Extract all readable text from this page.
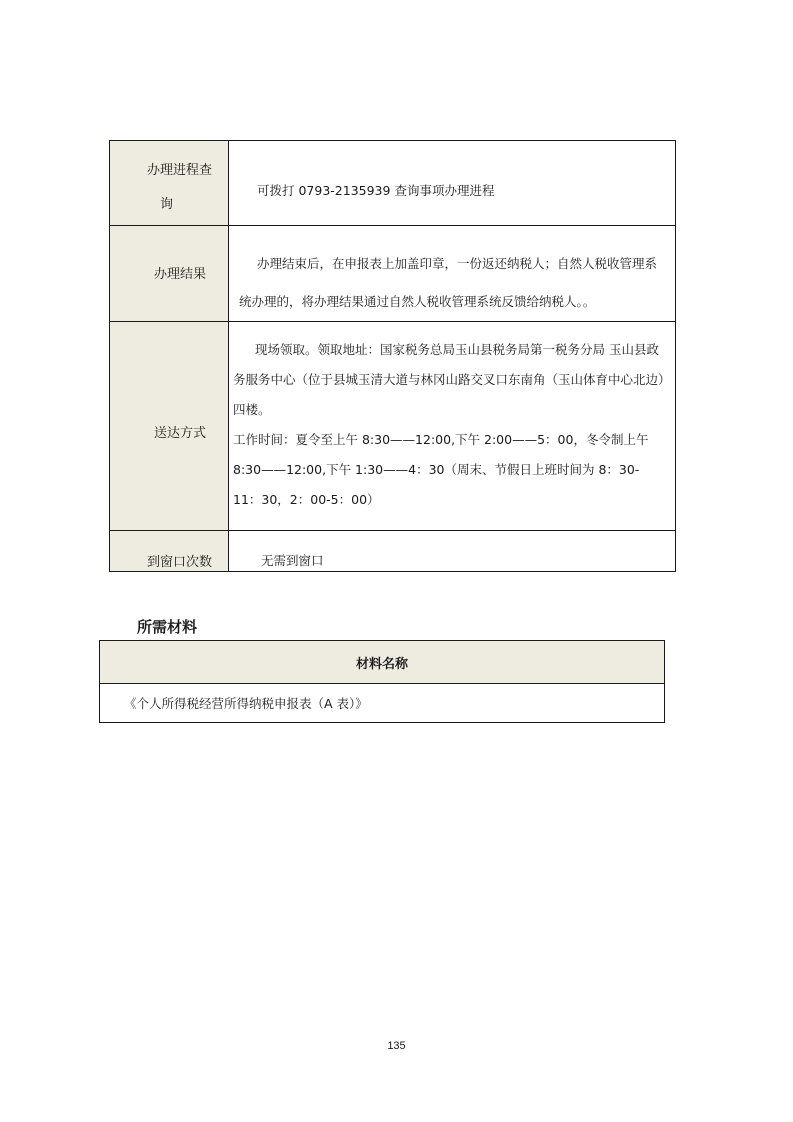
办理进程查
询	可拨打 0793-2135939 查询事项办理进程

办理结果	办理结束后，在申报表上加盖印章，一份返还纳税人；自然人税收管理系统办理的，将办理结果通过自然人税收管理系统反馈给纳税人。。

送达方式	现场领取。领取地址：国家税务总局玉山县税务局第一税务分局 玉山县政务服务中心（位于县城玉清大道与林冈山路交叉口东南角（玉山体育中心北边）四楼。
工作时间：夏令至上午 8:30——12:00,下午 2:00——5：00，冬令制上午 8:30——12:00,下午 1:30——4：30（周末、节假日上班时间为 8：30-11：30，2：00-5：00）

到窗口次数	无需到窗口
所需材料
材料名称
《个人所得税经营所得纳税申报表（A 表）》
135
